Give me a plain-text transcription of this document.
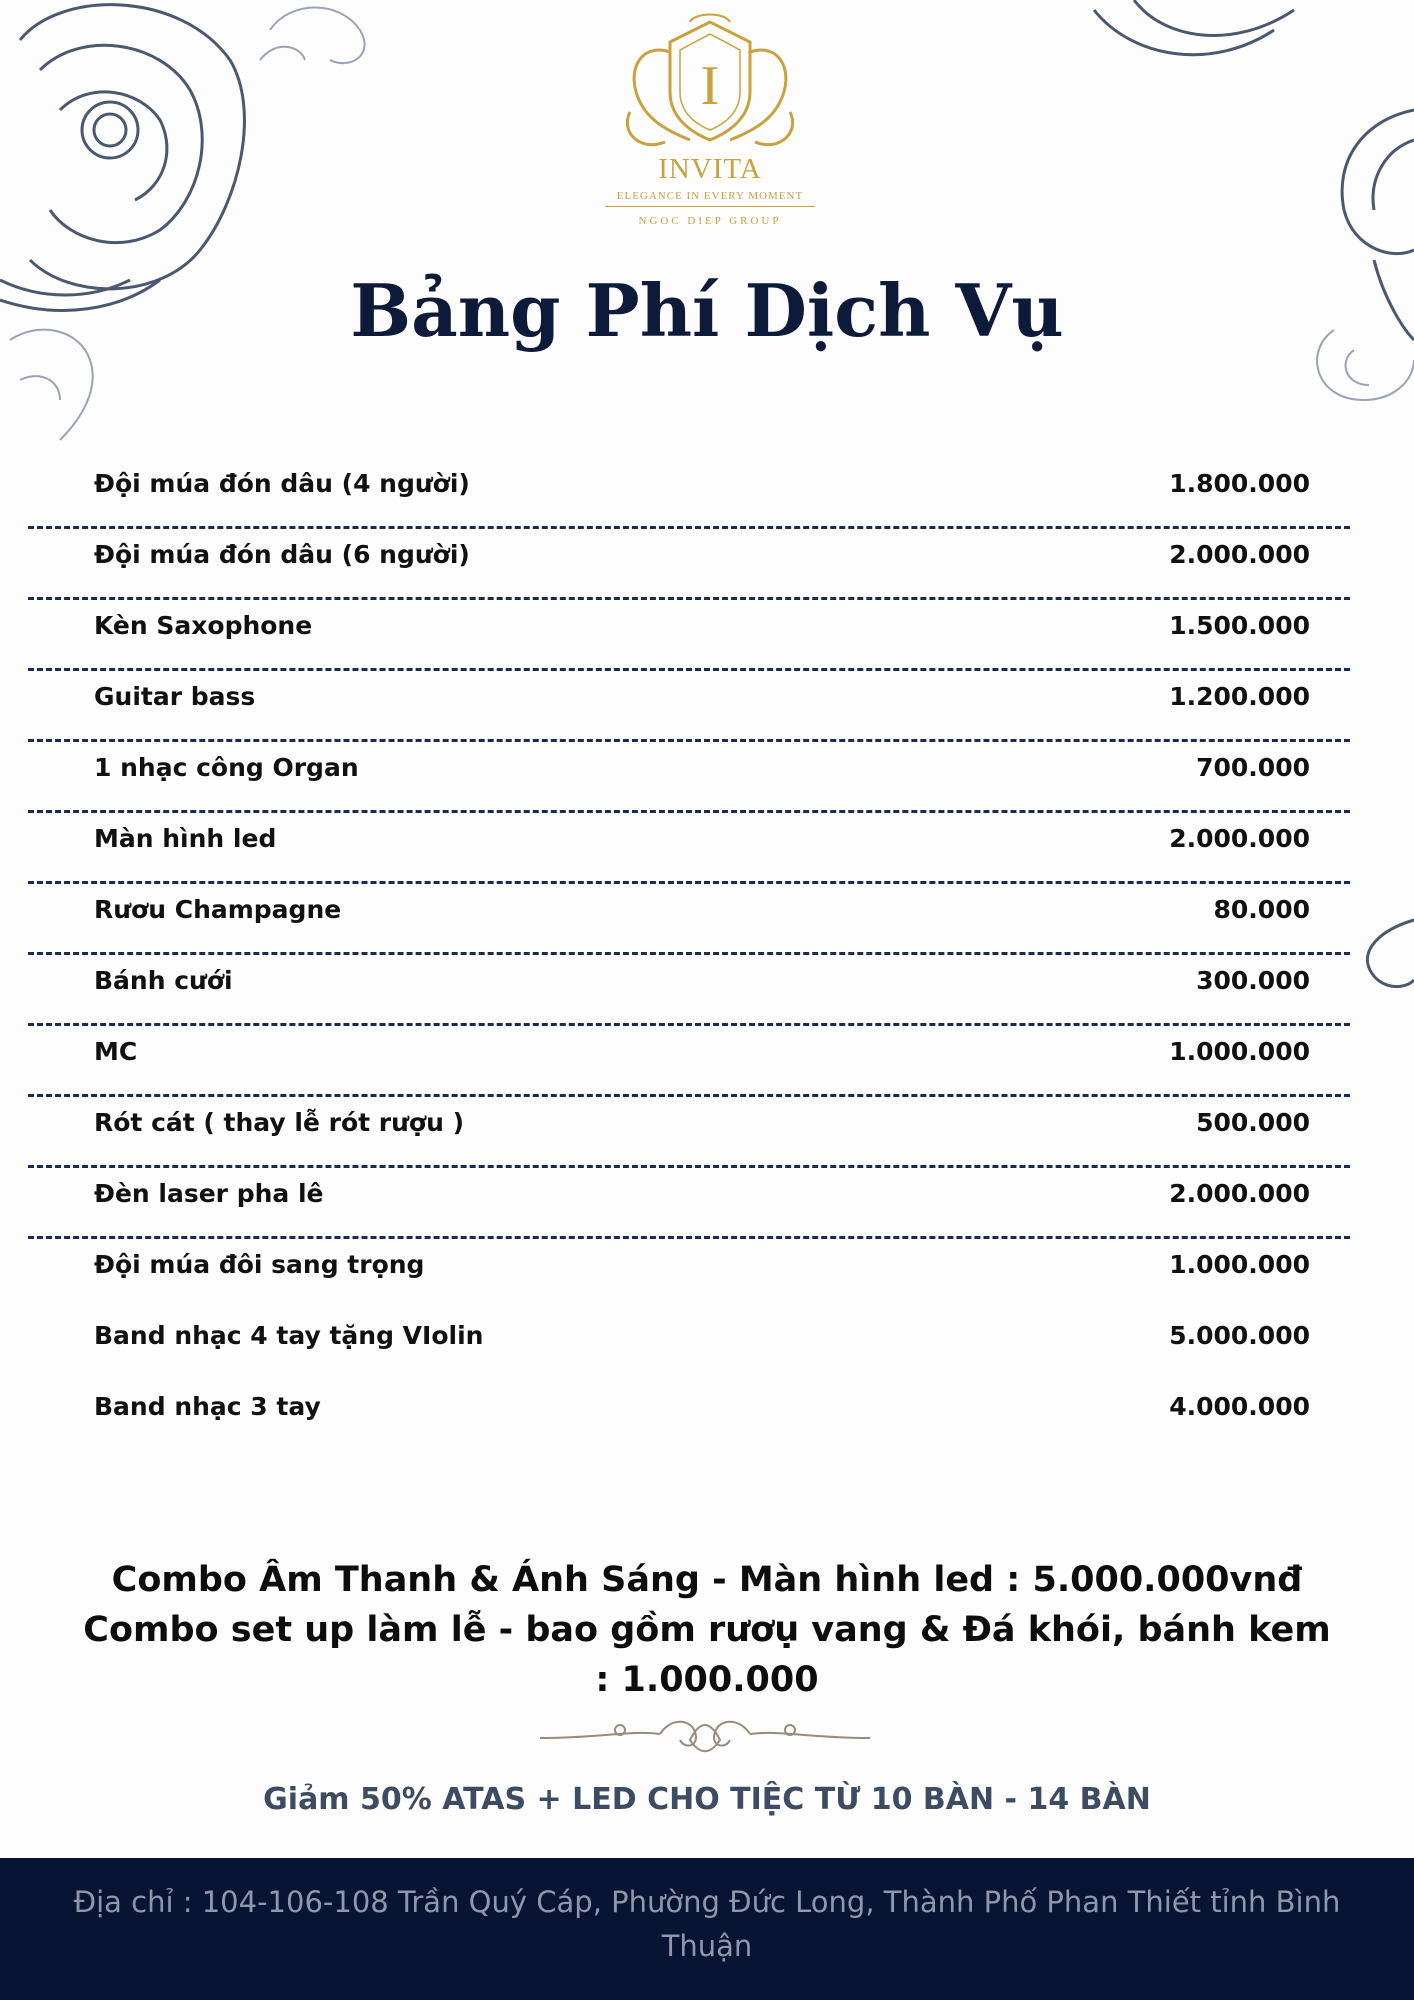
I
INVITA
ELEGANCE IN EVERY MOMENT
NGOC DIEP GROUP
Bảng Phí Dịch Vụ
Đội múa đón dâu (4 người)	1.800.000
Đội múa đón dâu (6 người)	2.000.000
Kèn Saxophone	1.500.000
Guitar bass	1.200.000
1 nhạc công Organ	700.000
Màn hình led	2.000.000
Rươu Champagne	80.000
Bánh cưới	300.000
MC	1.000.000
Rót cát ( thay lễ rót rượu )	500.000
Đèn laser pha lê	2.000.000
Đội múa đôi sang trọng	1.000.000
Band nhạc 4 tay tặng VIolin	5.000.000
Band nhạc 3 tay	4.000.000

Combo Âm Thanh & Ánh Sáng - Màn hình led : 5.000.000vnđ

Combo set up làm lễ - bao gồm rươụ vang & Đá khói, bánh kem : 1.000.000

Giảm 50% ATAS + LED CHO TIỆC TỪ 10 BÀN - 14 BÀN

Địa chỉ : 104-106-108 Trần Quý Cáp, Phường Đức Long, Thành Phố Phan Thiết tỉnh Bình Thuận
